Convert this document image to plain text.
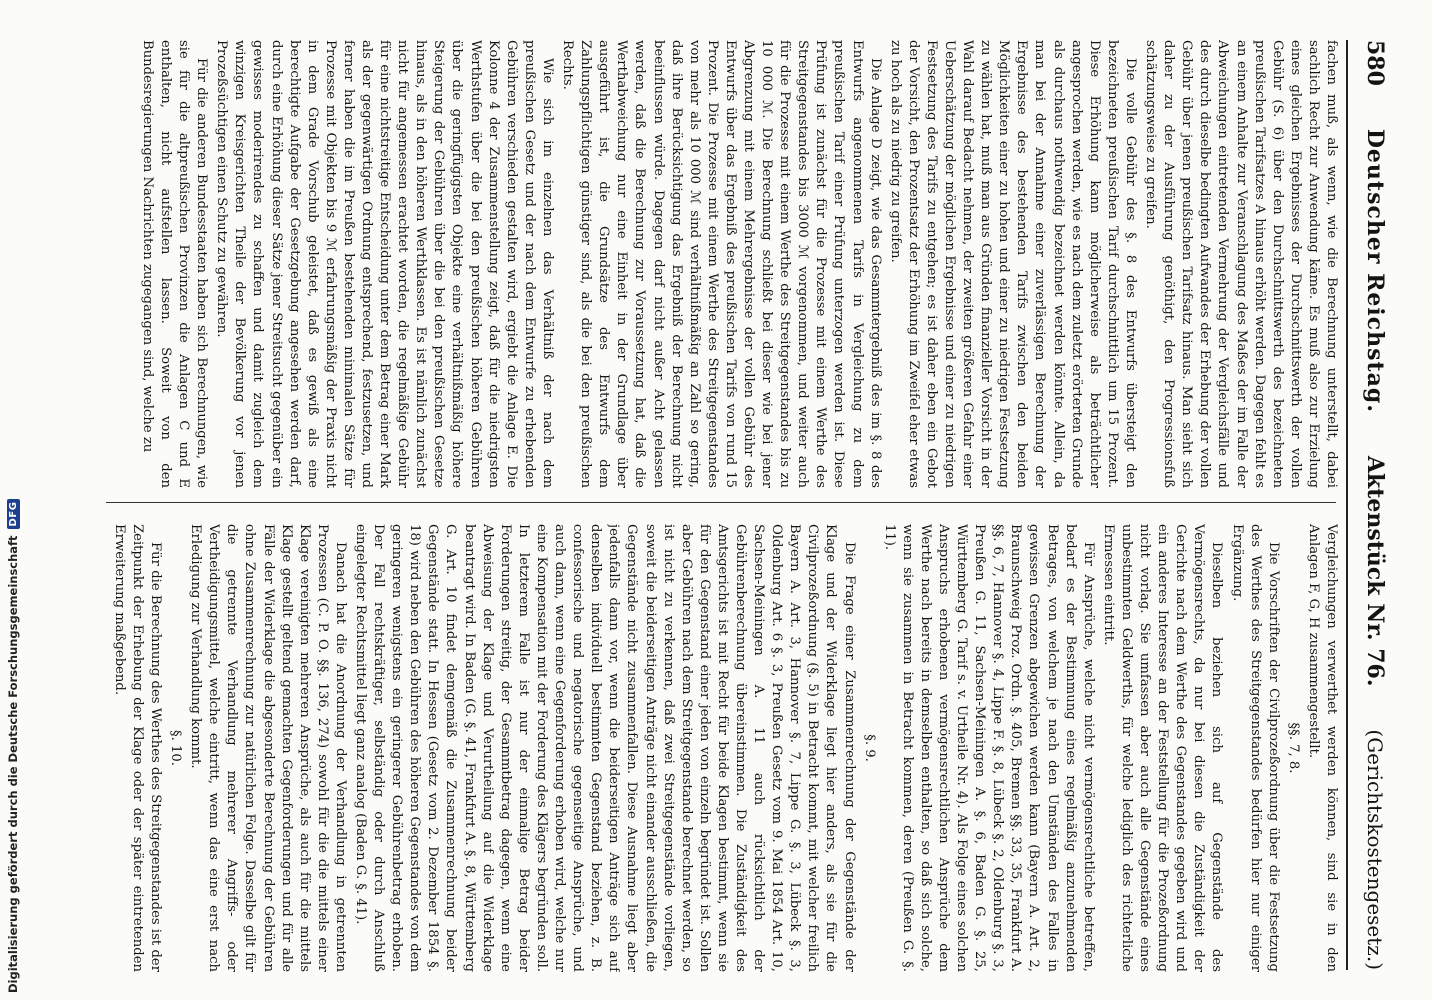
580
Deutscher Reichstag.
Aktenstück Nr. 76.
(Gerichtskostengesetz.)

fachen muß, als wenn, wie die Berechnung unterstellt, dabei sachlich Recht zur Anwendung käme. Es muß also zur Erzielung eines gleichen Ergebnisses der Durchschnittswerth der vollen Gebühr (S. 6) über den Durchschnittswerth des bezeichneten preußischen Tarifsatzes A hinaus erhöht werden. Dagegen fehlt es an einem Anhalte zur Veranschlagung des Maßes der im Falle der Abweichungen eintretenden Vermehrung der Vergleichsfälle und des durch dieselbe bedingten Aufwandes der Erhebung der vollen Gebühr über jenen preußischen Tarifsatz hinaus. Man sieht sich daher zu der Ausführung genöthigt, den Progressionsfuß schätzungsweise zu greifen.

Die volle Gebühr des §. 8 des Entwurfs übersteigt den bezeichneten preußischen Tarif durchschnittlich um 15 Prozent. Diese Erhöhung kann möglicherweise als beträchtlicher angesprochen werden, wie es nach dem zuletzt erörterten Grunde als durchaus nothwendig bezeichnet werden könnte. Allein, da man bei der Annahme einer zuverlässigen Berechnung der Ergebnisse des bestehenden Tarifs zwischen den beiden Möglichkeiten einer zu hohen und einer zu niedrigen Festsetzung zu wählen hat, muß man aus Gründen finanzieller Vorsicht in der Wahl darauf Bedacht nehmen, der zweiten größeren Gefahr einer Ueberschätzung der möglichen Ergebnisse und einer zu niedrigen Festsetzung des Tarifs zu entgehen; es ist daher eben ein Gebot der Vorsicht, den Prozentsatz der Erhöhung im Zweifel eher etwas zu hoch als zu niedrig zu greifen.

Die Anlage D zeigt, wie das Gesammtergebniß des im §. 8 des Entwurfs angenommenen Tarifs in Vergleichung zu dem preußischen Tarif einer Prüfung unterzogen werden ist. Diese Prüfung ist zunächst für die Prozesse mit einem Werthe des Streitgegenstandes bis 3000 ℳ vorgenommen, und weiter auch für die Prozesse mit einem Werthe des Streitgegenstandes bis zu 10 000 ℳ. Die Berechnung schließt bei dieser wie bei jener Abgrenzung mit einem Mehrergebnisse der vollen Gebühr des Entwurfs über das Ergebniß des preußischen Tarifs von rund 15 Prozent. Die Prozesse mit einem Werthe des Streitgegenstandes von mehr als 10 000 ℳ sind verhältnißmäßig an Zahl so gering, daß ihre Berücksichtigung das Ergebniß der Berechnung nicht beeinflussen würde. Dagegen darf nicht außer Acht gelassen werden, daß die Berechnung zur Voraussetzung hat, daß die Werthabweichung nur eine Einheit in der Grundlage über ausgeführt ist, die Grundsätze des Entwurfs dem Zahlungspflichtigen günstiger sind, als die bei den preußischen Rechts.

Wie sich im einzelnen das Verhältniß der nach dem preußischen Gesetz und der nach dem Entwurfe zu erhebenden Gebühren verschieden gestalten wird, ergiebt die Anlage E. Die Kolonne 4 der Zusammenstellung zeigt, daß für die niedrigsten Werthstufen über die bei den preußischen höheren Gebühren über die geringfügigsten Objekte eine verhältnißmäßig höhere Steigerung der Gebühren über die bei den preußischen Gesetze hinaus, als in den höheren Werthklassen. Es ist nämlich zunächst nicht für angemessen erachtet worden, die regelmäßige Gebühr für eine nichtstreitige Entscheidung unter dem Betrag einer Mark als der gegenwärtigen Ordnung entsprechend, festzusetzen, und ferner haben die im Preußen bestehenden minimalen Sätze für Prozesse mit Objekten bis 9 ℳ erfahrungsmäßig der Praxis nicht in dem Grade Vorschub geleistet, daß es gewiß als eine berechtigte Aufgabe der Gesetzgebung angesehen werden darf, durch eine Erhöhung dieser Sätze jener Streitsucht gegenüber ein gewisses moderirendes zu schaffen und damit zugleich dem winzigen Kreisgerichten Theile der Bevölkerung vor jenen Prozeßsüchtigen einen Schutz zu gewähren.

Für die anderen Bundesstaaten haben sich Berechnungen, wie sie für die altpreußischen Provinzen die Anlagen C und E enthalten, nicht aufstellen lassen. Soweit von den Bundesregierungen Nachrichten zugegangen sind, welche zu

Vergleichungen verwerthet werden können, sind sie in den Anlagen F, G, H zusammengestellt.

§§. 7, 8.

Die Vorschriften der Civilprozeßordnung über die Festsetzung des Werthes des Streitgegenstandes bedürfen hier nur einiger Ergänzung.

Dieselben beziehen sich auf Gegenstände des Vermögensrechts, da nur bei diesen die Zuständigkeit der Gerichte nach dem Werthe des Gegenstandes gegeben wird und ein anderes Interesse an der Feststellung für die Prozeßordnung nicht vorlag. Sie umfassen aber auch alle Gegenstände eines unbestimmten Geldwerths, für welche lediglich des richterliche Ermessen eintritt.

Für Ansprüche, welche nicht vermögensrechtliche betreffen, bedarf es der Bestimmung eines regelmäßig anzunehmenden Betrages, von welchem je nach den Umständen des Falles in gewissen Grenzen abgewichen werden kann (Bayern A. Art. 2, Braunschweig Proz. Ordn. §. 405, Bremen §§. 33, 35, Frankfurt A. §§. 6, 7, Hannover §. 4, Lippe F. §. 8, Lübeck §. 2, Oldenburg §. 3, Preußen G. 11, Sachsen-Meiningen A. §. 6, Baden G. §. 25, Württemberg G. Tarif s. v. Urtheile Nr. 4). Als Folge eines solchen Anspruchs erhobenen vermögensrechtlichen Ansprüche dem Werthe nach bereits in demselben enthalten, so daß sich solche, wenn sie zusammen in Betracht kommen, deren (Preußen G. §. 11).

§. 9.

Die Frage einer Zusammenrechnung der Gegenstände der Klage und der Widerklage liegt hier anders, als sie für die Civilprozeßordnung (§. 5) in Betracht kommt, mit welcher freilich Bayern A. Art. 3, Hannover §. 7, Lippe G. §. 3, Lübeck §. 3, Oldenburg Art. 6 §. 3, Preußen Gesetz vom 9. Mai 1854 Art. 10, Sachsen-Meiningen A. 11 auch rücksichtlich der Gebührenberechnung übereinstimmen. Die Zuständigkeit des Amtsgerichts ist mit Recht für beide Klagen bestimmt, wenn sie für den Gegenstand einer jeden von einzeln begründet ist. Sollen aber Gebühren nach dem Streitgegenstande berechnet werden, so ist nicht zu verkennen, daß zwei Streitgegenstände vorliegen, soweit die beiderseitigen Anträge nicht einander ausschließen, die Gegenstände nicht zusammenfallen. Diese Ausnahme liegt aber jedenfalls dann vor, wenn die beiderseitigen Anträge sich auf denselben individuell bestimmten Gegenstand beziehen, z. B. confessorische und negatorische gegenseitige Ansprüche, und auch dann, wenn eine Gegenforderung erhoben wird, welche nur eine Kompensation mit der Forderung des Klägers begründen soll. In letzterem Falle ist nur der einmalige Betrag beider Forderungen streitig, der Gesammtbetrag dagegen, wenn eine Abweisung der Klage und Verurtheilung auf die Widerklage beantragt wird. In Baden (G. §. 41, Frankfurt A. §. 8, Württemberg G. Art. 10 findet demgemäß die Zusammenrechnung beider Gegenstände statt. In Hessen (Gesetz vom 2. Dezember 1854 §. 18) wird neben den Gebühren des höheren Gegenstandes von dem geringeren wenigstens ein geringerer Gebührenbetrag erhoben. Der Fall rechtskräftiger, selbständig oder durch Anschluß eingelegter Rechtsmittel liegt ganz analog (Baden G. §. 41).

Danach hat die Anordnung der Verhandlung in getrennten Prozessen (C. P. O. §§. 136, 274) sowohl für die die mittels einer Klage vereinigten mehreren Ansprüche, als auch für die mittels Klage gestellt geltend gemachten Gegenforderungen und für alle Fälle der Widerklage die abgesonderte Berechnung der Gebühren ohne Zusammenrechnung zur natürlichen Folge. Dasselbe gilt für die getrennte Verhandlung mehrerer Angriffs- oder Vertheidigungsmittel, welche eintritt, wenn das eine erst nach Erledigung zur Verhandlung kommt.

§. 10.

Für die Berechnung des Werthes des Streitgegenstandes ist der Zeitpunkt der Erhebung der Klage oder der später eintretenden Erweiterung maßgebend.

Digitalisierung gefördert durch die Deutsche Forschungsgemeinschaft
DFG
